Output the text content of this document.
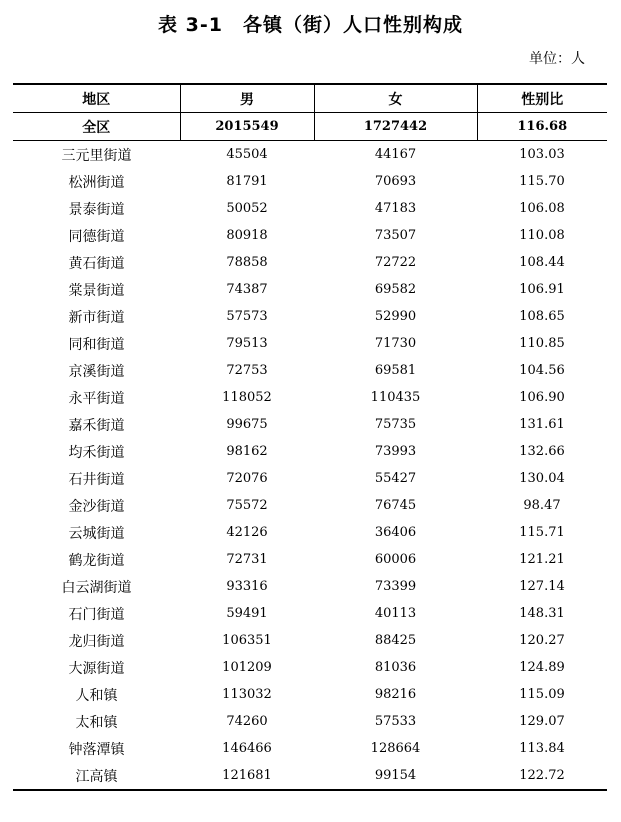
表 3-1　各镇（街）人口性别构成
单位：人
地区	男	女	性别比
全区	2015549	1727442	116.68
三元里街道	45504	44167	103.03
松洲街道	81791	70693	115.70
景泰街道	50052	47183	106.08
同德街道	80918	73507	110.08
黄石街道	78858	72722	108.44
棠景街道	74387	69582	106.91
新市街道	57573	52990	108.65
同和街道	79513	71730	110.85
京溪街道	72753	69581	104.56
永平街道	118052	110435	106.90
嘉禾街道	99675	75735	131.61
均禾街道	98162	73993	132.66
石井街道	72076	55427	130.04
金沙街道	75572	76745	98.47
云城街道	42126	36406	115.71
鹤龙街道	72731	60006	121.21
白云湖街道	93316	73399	127.14
石门街道	59491	40113	148.31
龙归街道	106351	88425	120.27
大源街道	101209	81036	124.89
人和镇	113032	98216	115.09
太和镇	74260	57533	129.07
钟落潭镇	146466	128664	113.84
江高镇	121681	99154	122.72
